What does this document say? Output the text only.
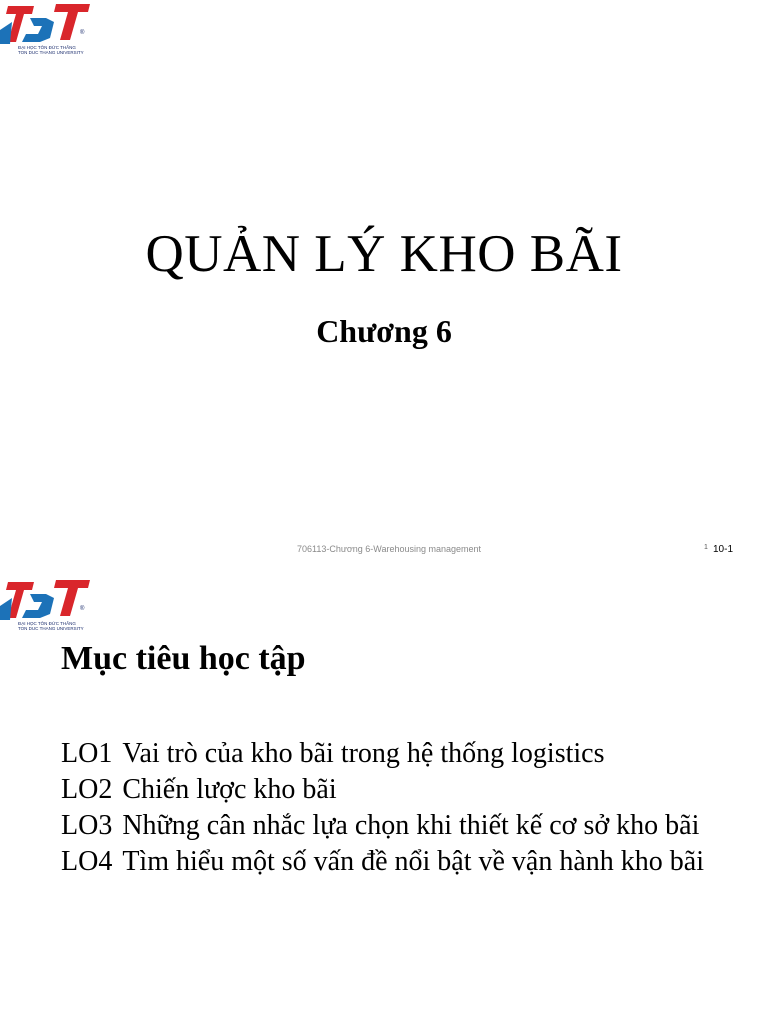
®
ĐẠI HỌC TÔN ĐỨC THẮNG
TON DUC THANG UNIVERSITY
QUẢN LÝ KHO BÃI
Chương 6
706113-Chương 6-Warehousing management	1 10-1
®
ĐẠI HỌC TÔN ĐỨC THẮNG
TON DUC THANG UNIVERSITY
Mục tiêu học tập
LO1 Vai trò của kho bãi trong hệ thống logistics
LO2 Chiến lược kho bãi
LO3 Những cân nhắc lựa chọn khi thiết kế cơ sở kho bãi
LO4 Tìm hiểu một số vấn đề nổi bật về vận hành kho bãi
